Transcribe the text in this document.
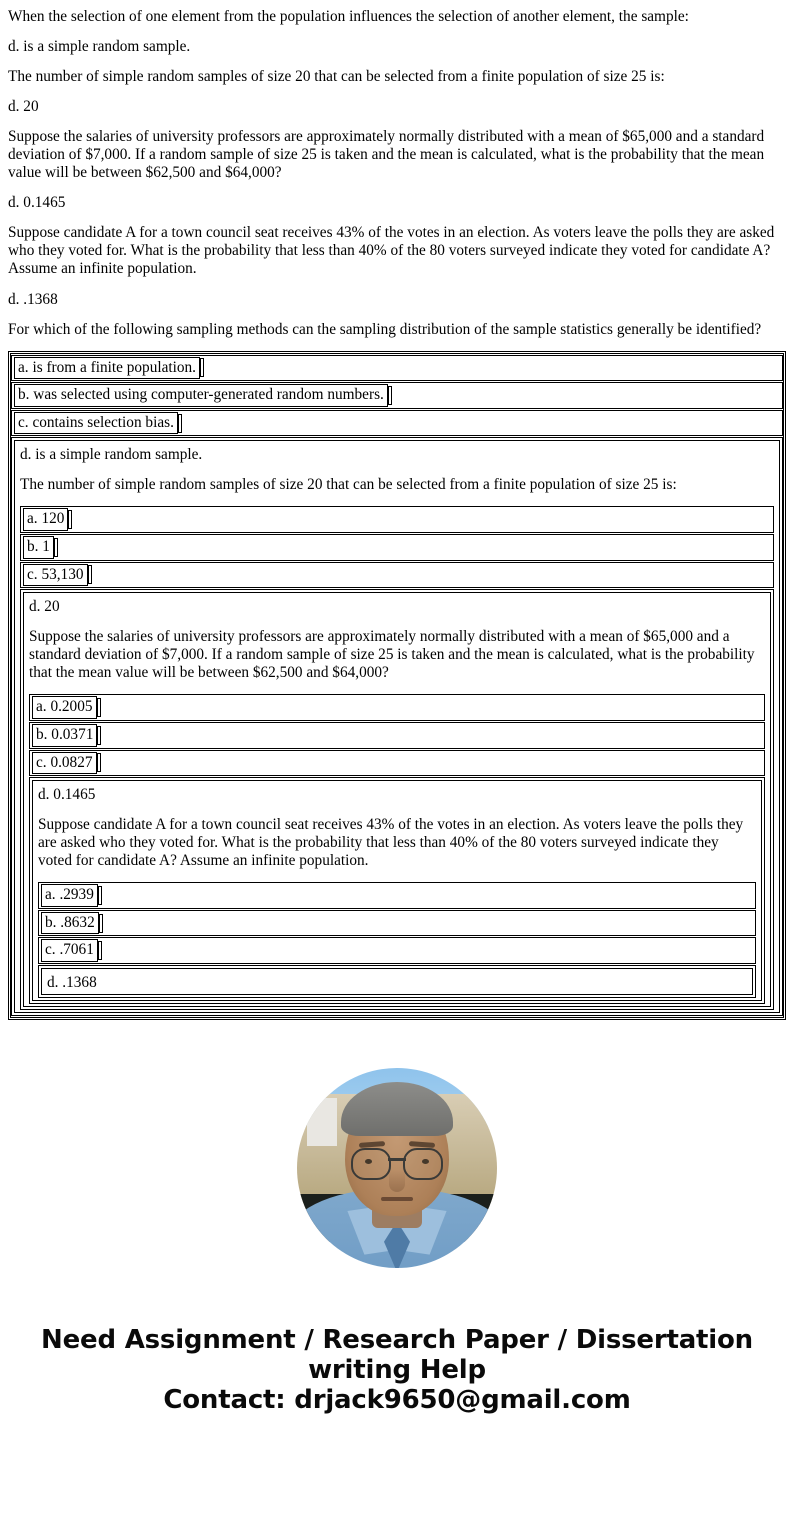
When the selection of one element from the population influences the selection of another element, the sample:

d. is a simple random sample.

The number of simple random samples of size 20 that can be selected from a finite population of size 25 is:

d. 20

Suppose the salaries of university professors are approximately normally distributed with a mean of $65,000 and a standard deviation of $7,000. If a random sample of size 25 is taken and the mean is calculated, what is the probability that the mean value will be between $62,500 and $64,000?

d. 0.1465

Suppose candidate A for a town council seat receives 43% of the votes in an election. As voters leave the polls they are asked who they voted for. What is the probability that less than 40% of the 80 voters surveyed indicate they voted for candidate A? Assume an infinite population.

d. .1368

For which of the following sampling methods can the sampling distribution of the sample statistics generally be identified?

a. is from a finite population.
b. was selected using computer-generated random numbers.
c. contains selection bias.

d. is a simple random sample.

The number of simple random samples of size 20 that can be selected from a finite population of size 25 is:

a. 120
b. 1
c. 53,130

d. 20

Suppose the salaries of university professors are approximately normally distributed with a mean of $65,000 and a standard deviation of $7,000. If a random sample of size 25 is taken and the mean is calculated, what is the probability that the mean value will be between $62,500 and $64,000?

a. 0.2005
b. 0.0371
c. 0.0827

d. 0.1465

Suppose candidate A for a town council seat receives 43% of the votes in an election. As voters leave the polls they are asked who they voted for. What is the probability that less than 40% of the 80 voters surveyed indicate they voted for candidate A? Assume an infinite population.

a. .2939
b. .8632
c. .7061

d. .1368

Need Assignment / Research Paper / Dissertation
writing Help
Contact: drjack9650@gmail.com
